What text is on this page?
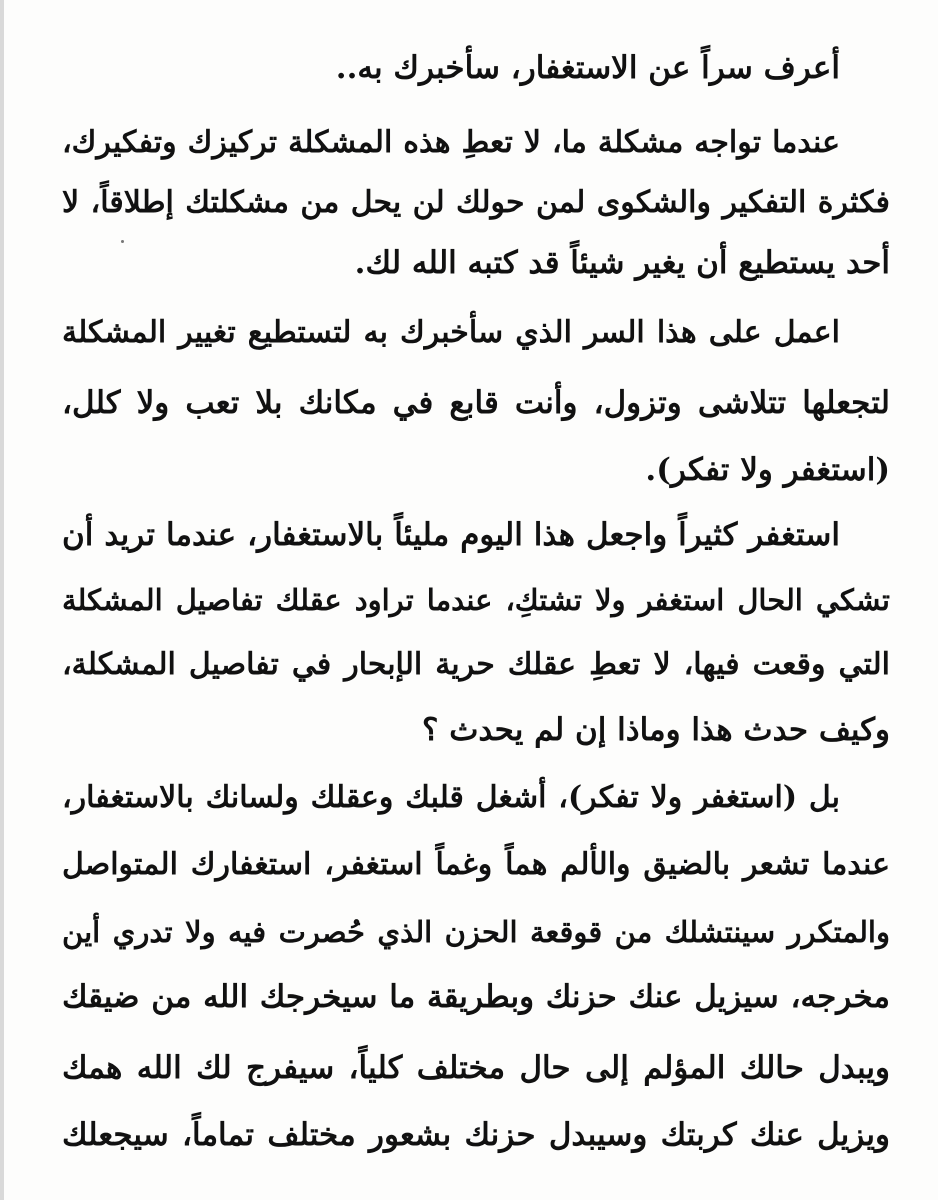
أعرف سراً عن الاستغفار، سأخبرك به..
عندما تواجه مشكلة ما، لا تعطِ هذه المشكلة تركيزك وتفكيرك،
فكثرة التفكير والشكوى لمن حولك لن يحل من مشكلتك إطلاقاً، لا
أحد يستطيع أن يغير شيئاً قد كتبه الله لك.
اعمل على هذا السر الذي سأخبرك به لتستطيع تغيير المشكلة
لتجعلها تتلاشى وتزول، وأنت قابع في مكانك بلا تعب ولا كلل،
(استغفر ولا تفكر).
استغفر كثيراً واجعل هذا اليوم مليئاً بالاستغفار، عندما تريد أن
تشكي الحال استغفر ولا تشتكِ، عندما تراود عقلك تفاصيل المشكلة
التي وقعت فيها، لا تعطِ عقلك حرية الإبحار في تفاصيل المشكلة،
وكيف حدث هذا وماذا إن لم يحدث ؟
بل (استغفر ولا تفكر)، أشغل قلبك وعقلك ولسانك بالاستغفار،
عندما تشعر بالضيق والألم هماً وغماً استغفر، استغفارك المتواصل
والمتكرر سينتشلك من قوقعة الحزن الذي حُصرت فيه ولا تدري أين
مخرجه، سيزيل عنك حزنك وبطريقة ما سيخرجك الله من ضيقك
ويبدل حالك المؤلم إلى حال مختلف كلياً، سيفرج لك الله همك
ويزيل عنك كربتك وسيبدل حزنك بشعور مختلف تماماً، سيجعلك
